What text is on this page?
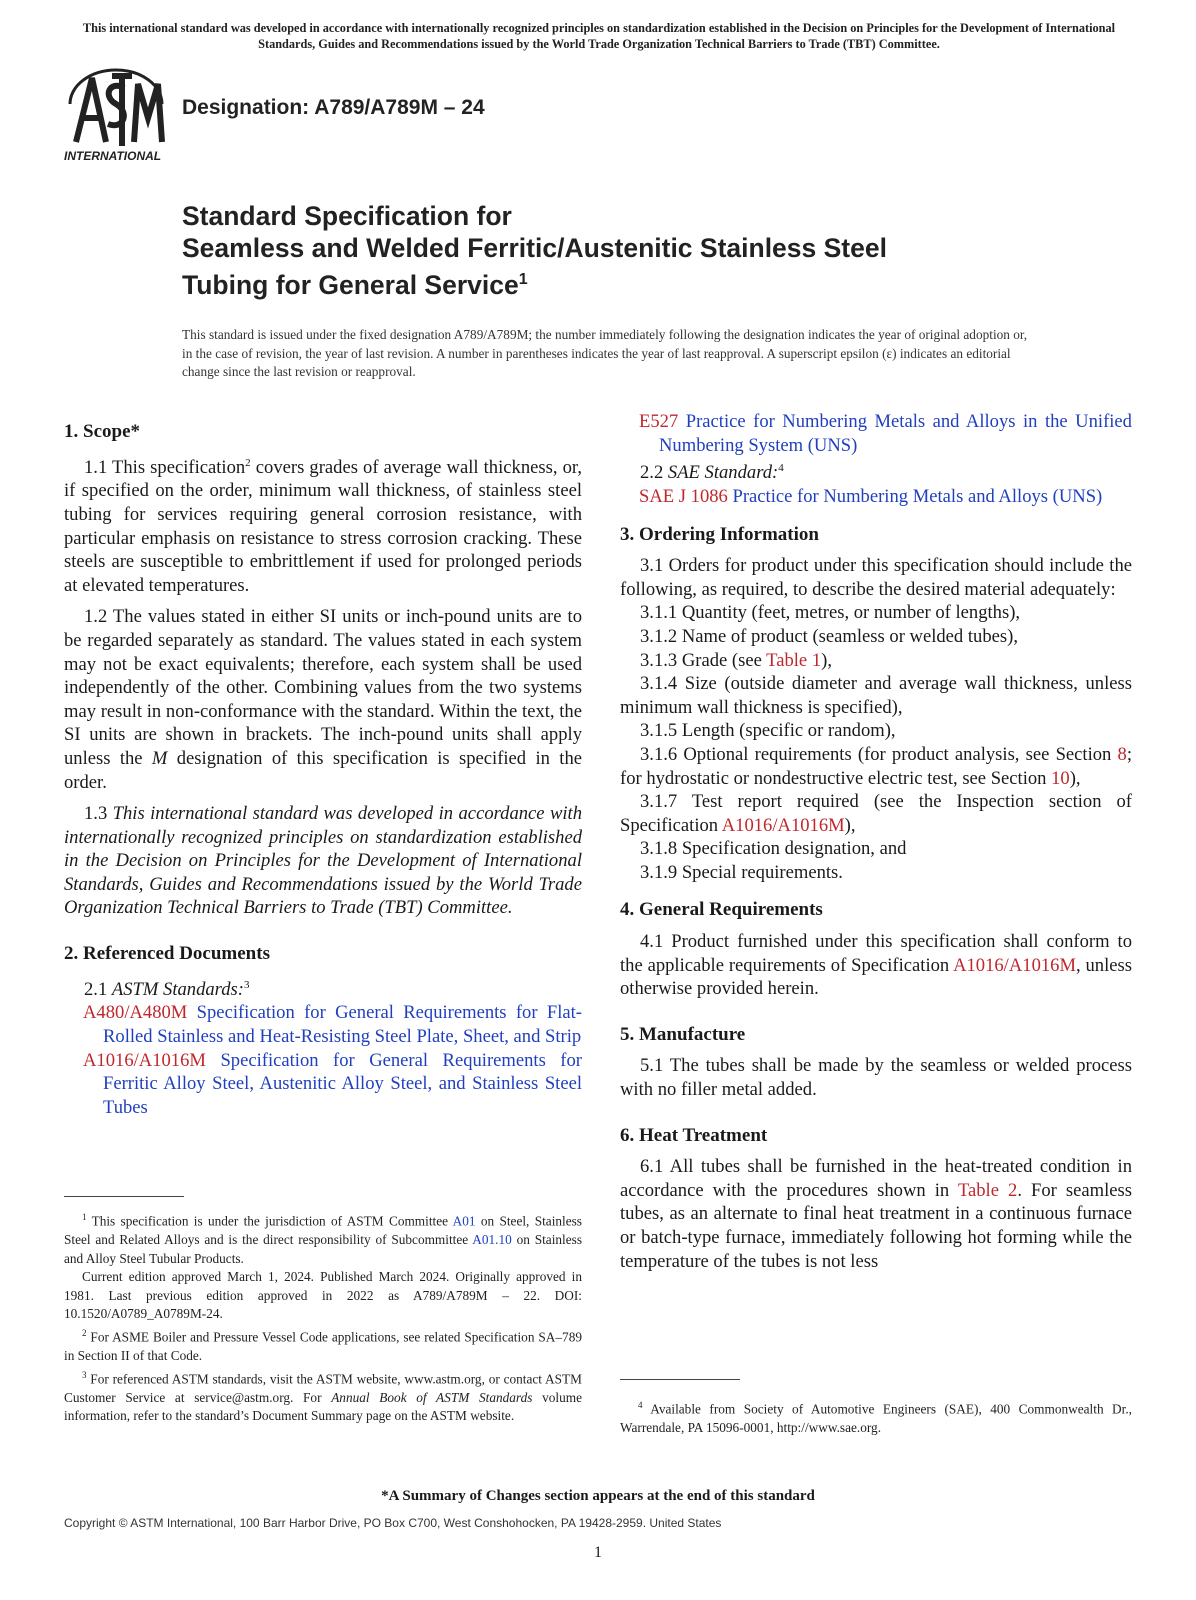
This international standard was developed in accordance with internationally recognized principles on standardization established in the Decision on Principles for the Development of International Standards, Guides and Recommendations issued by the World Trade Organization Technical Barriers to Trade (TBT) Committee.
INTERNATIONAL
Designation: A789/A789M – 24
Standard Specification for
Seamless and Welded Ferritic/Austenitic Stainless Steel
Tubing for General Service$^1$

This standard is issued under the fixed designation A789/A789M; the number immediately following the designation indicates the year of original adoption or, in the case of revision, the year of last revision. A number in parentheses indicates the year of last reapproval. A superscript epsilon (ε) indicates an editorial change since the last revision or reapproval.

1. Scope*

1.1 This specification$^2$ covers grades of average wall thickness, or, if specified on the order, minimum wall thickness, of stainless steel tubing for services requiring general corrosion resistance, with particular emphasis on resistance to stress corrosion cracking. These steels are susceptible to embrittlement if used for prolonged periods at elevated temperatures.

1.2 The values stated in either SI units or inch-pound units are to be regarded separately as standard. The values stated in each system may not be exact equivalents; therefore, each system shall be used independently of the other. Combining values from the two systems may result in non-conformance with the standard. Within the text, the SI units are shown in brackets. The inch-pound units shall apply unless the M designation of this specification is specified in the order.

1.3 This international standard was developed in accordance with internationally recognized principles on standardization established in the Decision on Principles for the Development of International Standards, Guides and Recommendations issued by the World Trade Organization Technical Barriers to Trade (TBT) Committee.

2. Referenced Documents

2.1 ASTM Standards:$^3$

A480/A480M Specification for General Requirements for Flat-Rolled Stainless and Heat-Resisting Steel Plate, Sheet, and Strip

A1016/A1016M Specification for General Requirements for Ferritic Alloy Steel, Austenitic Alloy Steel, and Stainless Steel Tubes

$^1$ This specification is under the jurisdiction of ASTM Committee A01 on Steel, Stainless Steel and Related Alloys and is the direct responsibility of Subcommittee A01.10 on Stainless and Alloy Steel Tubular Products.

Current edition approved March 1, 2024. Published March 2024. Originally approved in 1981. Last previous edition approved in 2022 as A789/A789M – 22. DOI: 10.1520/A0789_A0789M-24.

$^2$ For ASME Boiler and Pressure Vessel Code applications, see related Specification SA–789 in Section II of that Code.

$^3$ For referenced ASTM standards, visit the ASTM website, www.astm.org, or contact ASTM Customer Service at service@astm.org. For Annual Book of ASTM Standards volume information, refer to the standard’s Document Summary page on the ASTM website.

E527 Practice for Numbering Metals and Alloys in the Unified Numbering System (UNS)

2.2 SAE Standard:$^4$

SAE J 1086 Practice for Numbering Metals and Alloys (UNS)

3. Ordering Information

3.1 Orders for product under this specification should include the following, as required, to describe the desired material adequately:

3.1.1 Quantity (feet, metres, or number of lengths),

3.1.2 Name of product (seamless or welded tubes),

3.1.3 Grade (see Table 1),

3.1.4 Size (outside diameter and average wall thickness, unless minimum wall thickness is specified),

3.1.5 Length (specific or random),

3.1.6 Optional requirements (for product analysis, see Section 8; for hydrostatic or nondestructive electric test, see Section 10),

3.1.7 Test report required (see the Inspection section of Specification A1016/A1016M),

3.1.8 Specification designation, and

3.1.9 Special requirements.

4. General Requirements

4.1 Product furnished under this specification shall conform to the applicable requirements of Specification A1016/A1016M, unless otherwise provided herein.

5. Manufacture

5.1 The tubes shall be made by the seamless or welded process with no filler metal added.

6. Heat Treatment

6.1 All tubes shall be furnished in the heat-treated condition in accordance with the procedures shown in Table 2. For seamless tubes, as an alternate to final heat treatment in a continuous furnace or batch-type furnace, immediately following hot forming while the temperature of the tubes is not less

$^4$ Available from Society of Automotive Engineers (SAE), 400 Commonwealth Dr., Warrendale, PA 15096-0001, http://www.sae.org.

*A Summary of Changes section appears at the end of this standard
Copyright © ASTM International, 100 Barr Harbor Drive, PO Box C700, West Conshohocken, PA 19428-2959. United States
1
